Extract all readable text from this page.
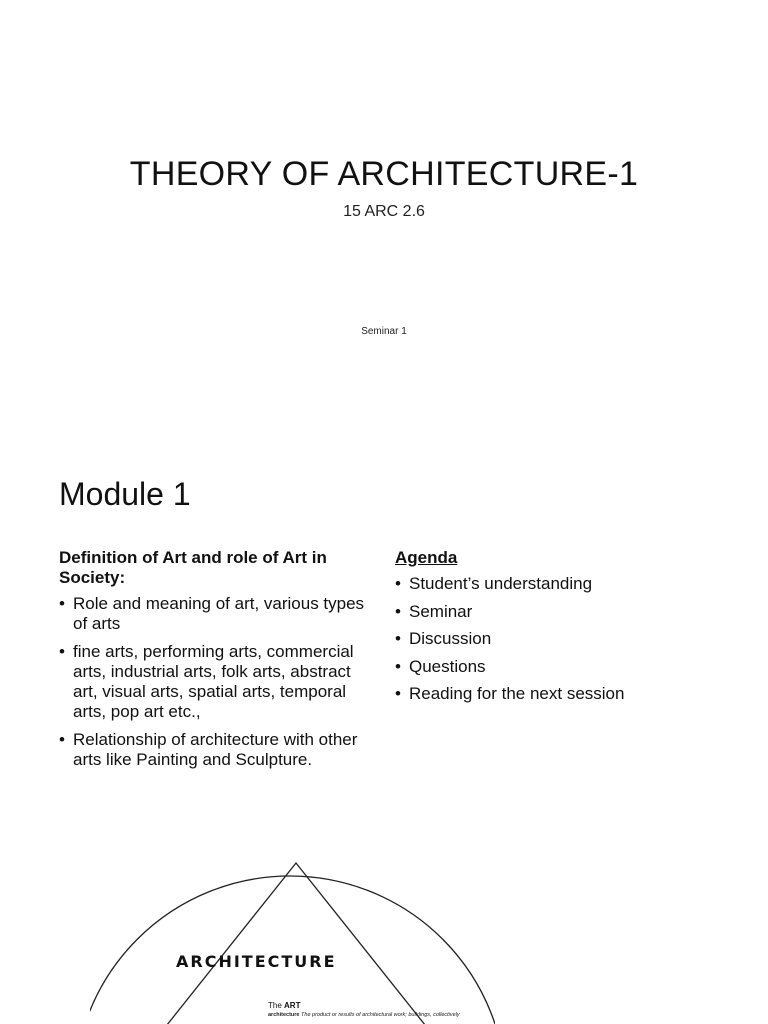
THEORY OF ARCHITECTURE-1
15 ARC 2.6
Seminar 1
Module 1
Definition of Art and role of Art in Society:
• Role and meaning of art, various types of arts
• fine arts, performing arts, commercial arts, industrial arts, folk arts, abstract art, visual arts, spatial arts, temporal arts, pop art etc.,
• Relationship of architecture with other arts like Painting and Sculpture.
Agenda
• Student’s understanding
• Seminar
• Discussion
• Questions
• Reading for the next session
ARCHITECTURE
The ART
architecture The product or results of architectural work; buildings, collectively
